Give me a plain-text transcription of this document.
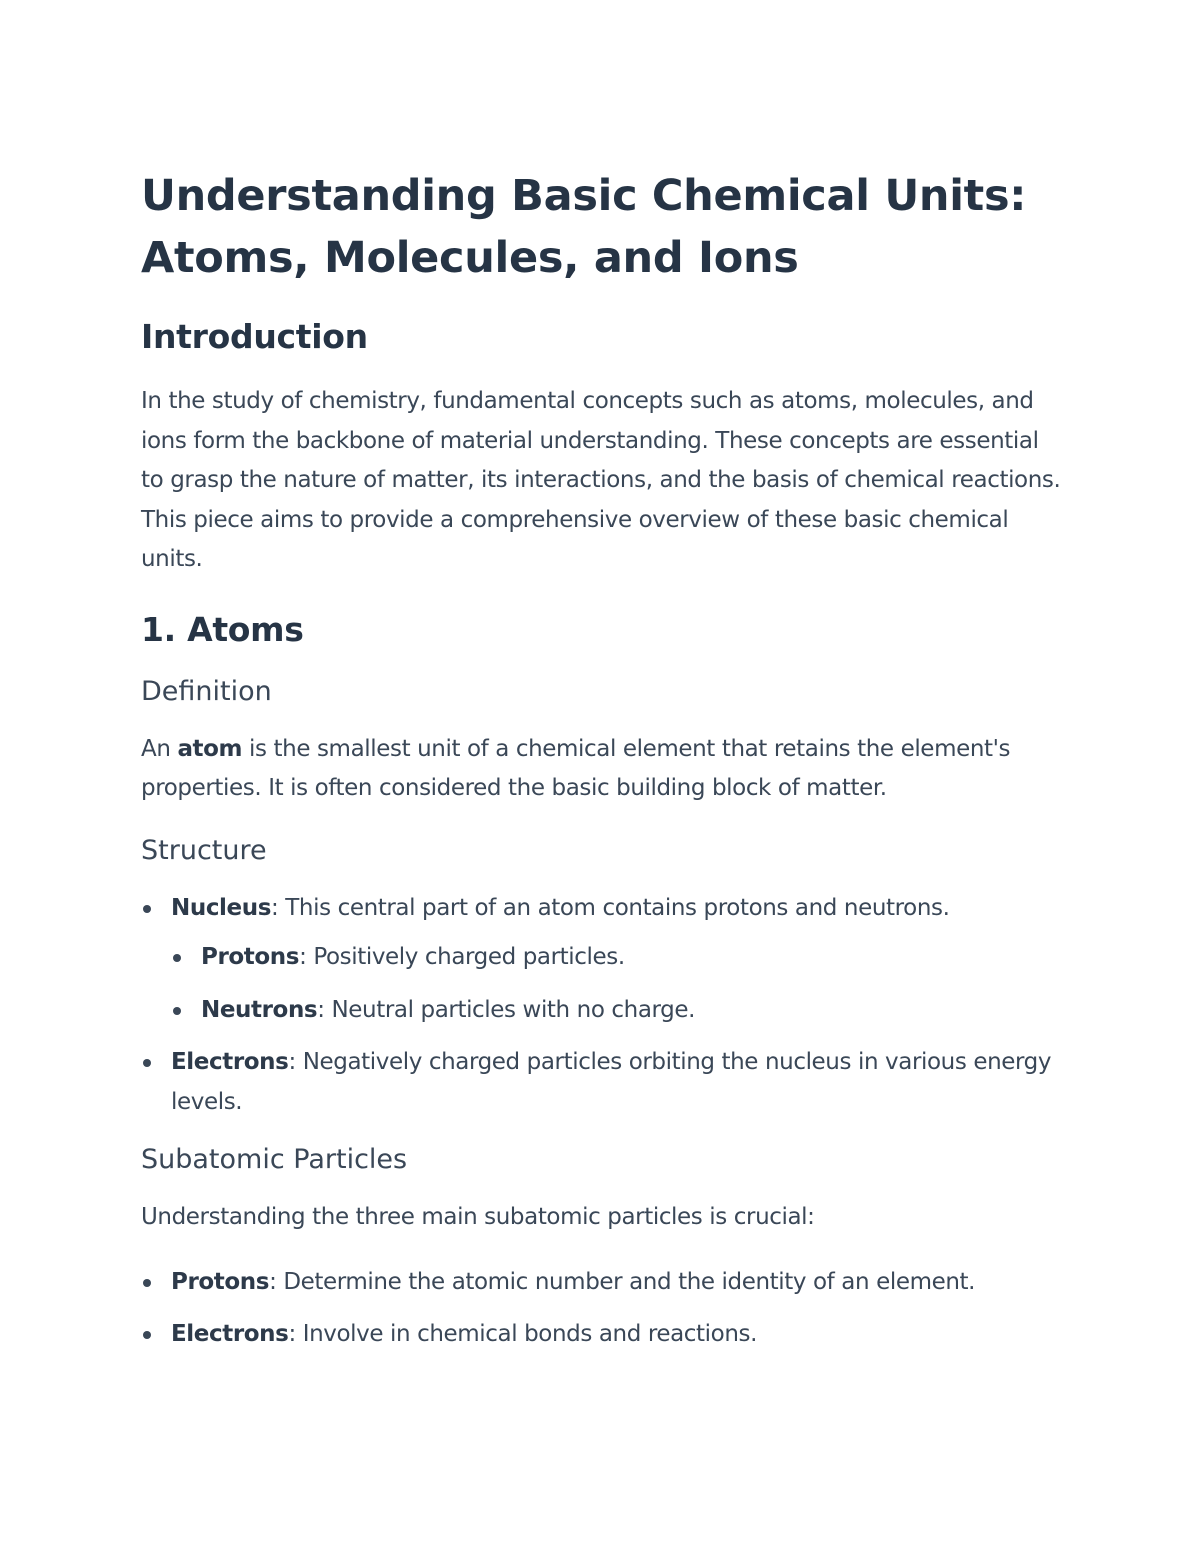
Understanding Basic Chemical Units: Atoms, Molecules, and Ions
Introduction

In the study of chemistry, fundamental concepts such as atoms, molecules, and ions form the backbone of material understanding. These concepts are essential to grasp the nature of matter, its interactions, and the basis of chemical reactions. This piece aims to provide a comprehensive overview of these basic chemical units.

1. Atoms
Definition

An atom is the smallest unit of a chemical element that retains the element's properties. It is often considered the basic building block of matter.

Structure
Nucleus: This central part of an atom contains protons and neutrons.
Protons: Positively charged particles.
Neutrons: Neutral particles with no charge.
Electrons: Negatively charged particles orbiting the nucleus in various energy levels.
Subatomic Particles

Understanding the three main subatomic particles is crucial:

Protons: Determine the atomic number and the identity of an element.
Electrons: Involve in chemical bonds and reactions.
